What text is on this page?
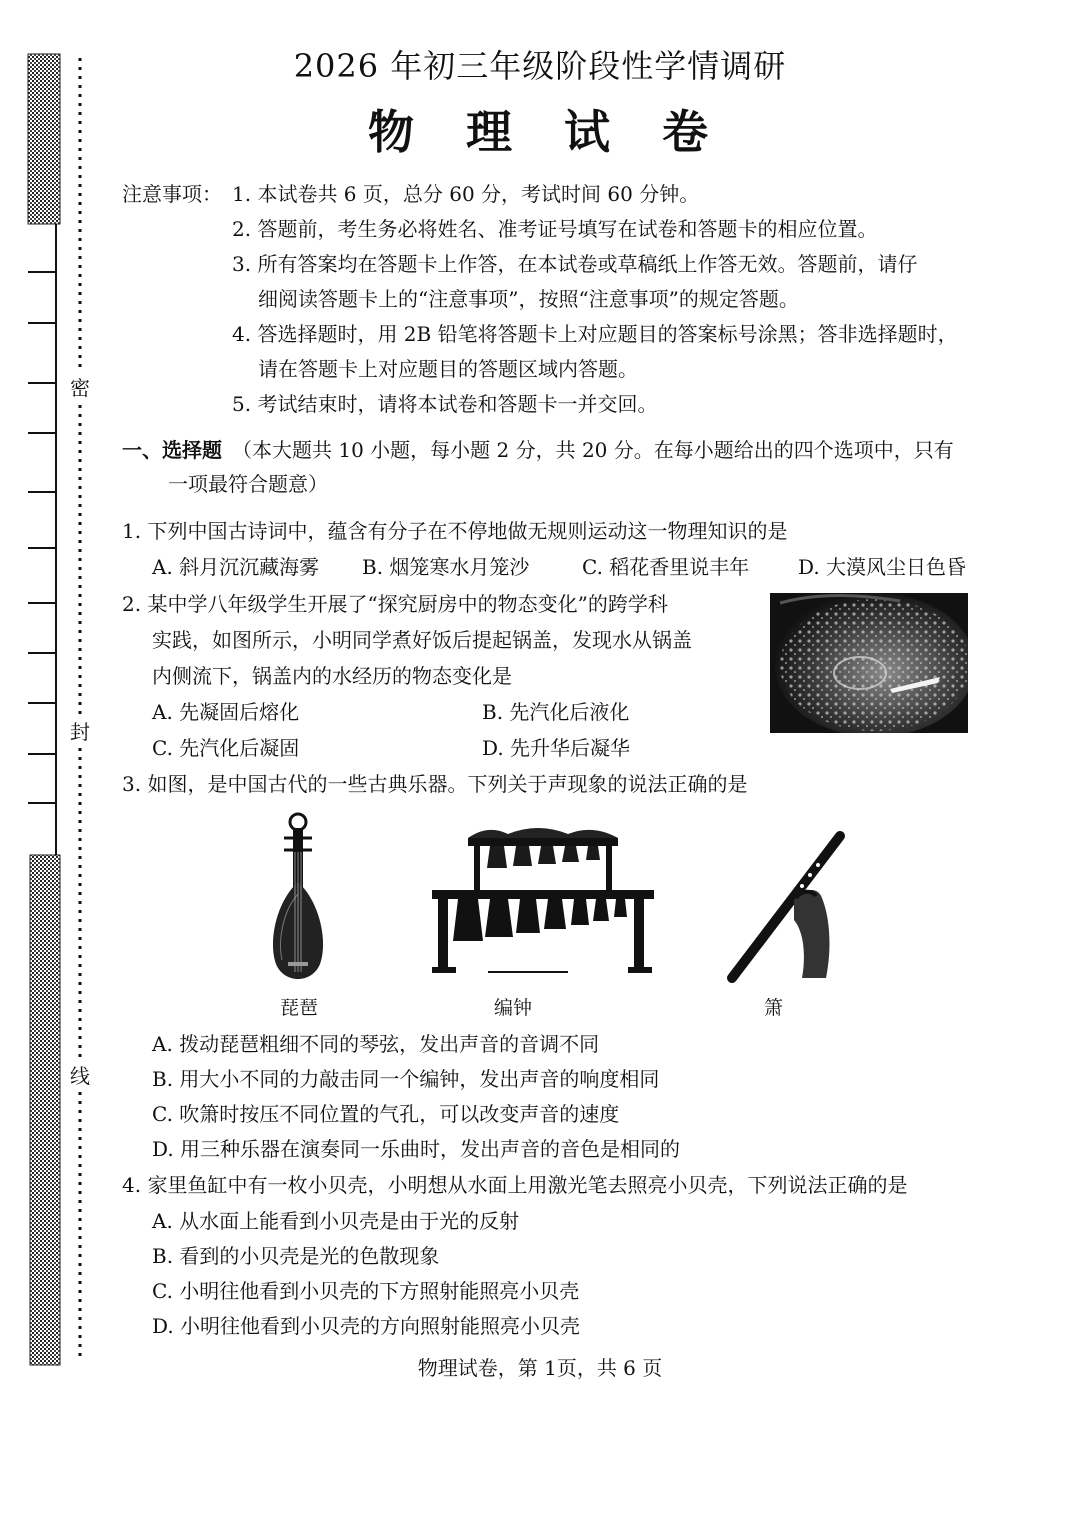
密
封
线
2026 年初三年级阶段性学情调研
物 理 试 卷
注意事项： 1. 本试卷共 6 页，总分 60 分，考试时间 60 分钟。
2. 答题前，考生务必将姓名、准考证号填写在试卷和答题卡的相应位置。
3. 所有答案均在答题卡上作答，在本试卷或草稿纸上作答无效。答题前，请仔
细阅读答题卡上的“注意事项”，按照“注意事项”的规定答题。
4. 答选择题时，用 2B 铅笔将答题卡上对应题目的答案标号涂黑；答非选择题时，
请在答题卡上对应题目的答题区域内答题。
5. 考试结束时，请将本试卷和答题卡一并交回。
一、选择题 （本大题共 10 小题，每小题 2 分，共 20 分。在每小题给出的四个选项中，只有
一项最符合题意）
1. 下列中国古诗词中，蕴含有分子在不停地做无规则运动这一物理知识的是
A. 斜月沉沉藏海雾 B. 烟笼寒水月笼沙	C. 稻花香里说丰年 D. 大漠风尘日色昏
2. 某中学八年级学生开展了“探究厨房中的物态变化”的跨学科
实践，如图所示，小明同学煮好饭后提起锅盖，发现水从锅盖
内侧流下，锅盖内的水经历的物态变化是
A. 先凝固后熔化	B. 先汽化后液化
C. 先汽化后凝固	D. 先升华后凝华
3. 如图，是中国古代的一些古典乐器。下列关于声现象的说法正确的是
琵琶	编钟	箫
A. 拨动琵琶粗细不同的琴弦，发出声音的音调不同
B. 用大小不同的力敲击同一个编钟，发出声音的响度相同
C. 吹箫时按压不同位置的气孔，可以改变声音的速度
D. 用三种乐器在演奏同一乐曲时，发出声音的音色是相同的
4. 家里鱼缸中有一枚小贝壳，小明想从水面上用激光笔去照亮小贝壳，下列说法正确的是
A. 从水面上能看到小贝壳是由于光的反射
B. 看到的小贝壳是光的色散现象
C. 小明往他看到小贝壳的下方照射能照亮小贝壳
D. 小明往他看到小贝壳的方向照射能照亮小贝壳
物理试卷，第 1页，共 6 页
